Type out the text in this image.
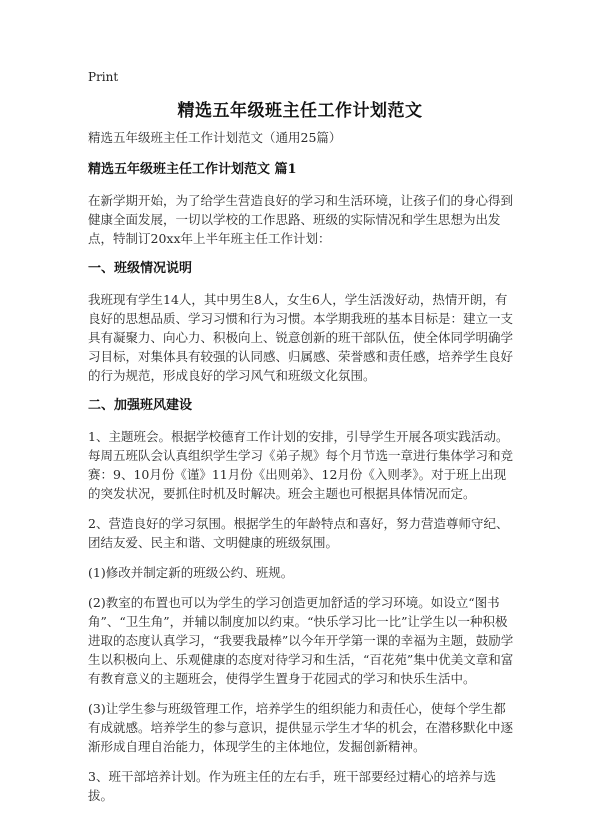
Print
精选五年级班主任工作计划范文

精选五年级班主任工作计划范文（通用25篇）

精选五年级班主任工作计划范文 篇1

在新学期开始，为了给学生营造良好的学习和生活环境，让孩子们的身心得到健康全面发展，一切以学校的工作思路、班级的实际情况和学生思想为出发点，特制订20xx年上半年班主任工作计划：

一、班级情况说明

我班现有学生14人，其中男生8人，女生6人，学生活泼好动，热情开朗，有良好的思想品质、学习习惯和行为习惯。本学期我班的基本目标是：建立一支具有凝聚力、向心力、积极向上、锐意创新的班干部队伍，使全体同学明确学习目标，对集体具有较强的认同感、归属感、荣誉感和责任感，培养学生良好的行为规范，形成良好的学习风气和班级文化氛围。

二、加强班风建设

1、主题班会。根据学校德育工作计划的安排，引导学生开展各项实践活动。每周五班队会认真组织学生学习《弟子规》每个月节选一章进行集体学习和竞赛：9、10月份《谨》11月份《出则弟》、12月份《入则孝》。对于班上出现的突发状况，要抓住时机及时解决。班会主题也可根据具体情况而定。

2、营造良好的学习氛围。根据学生的年龄特点和喜好，努力营造尊师守纪、团结友爱、民主和谐、文明健康的班级氛围。

(1)修改并制定新的班级公约、班规。

(2)教室的布置也可以为学生的学习创造更加舒适的学习环境。如设立“图书角”、“卫生角”，并辅以制度加以约束。“快乐学习比一比”让学生以一种积极进取的态度认真学习，“我要我最棒”以今年开学第一课的幸福为主题，鼓励学生以积极向上、乐观健康的态度对待学习和生活，“百花苑”集中优美文章和富有教育意义的主题班会，使得学生置身于花园式的学习和快乐生活中。

(3)让学生参与班级管理工作，培养学生的组织能力和责任心，使每个学生都有成就感。培养学生的参与意识，提供显示学生才华的机会，在潜移默化中逐渐形成自理自治能力，体现学生的主体地位，发掘创新精神。

3、班干部培养计划。作为班主任的左右手，班干部要经过精心的培养与选拔。
